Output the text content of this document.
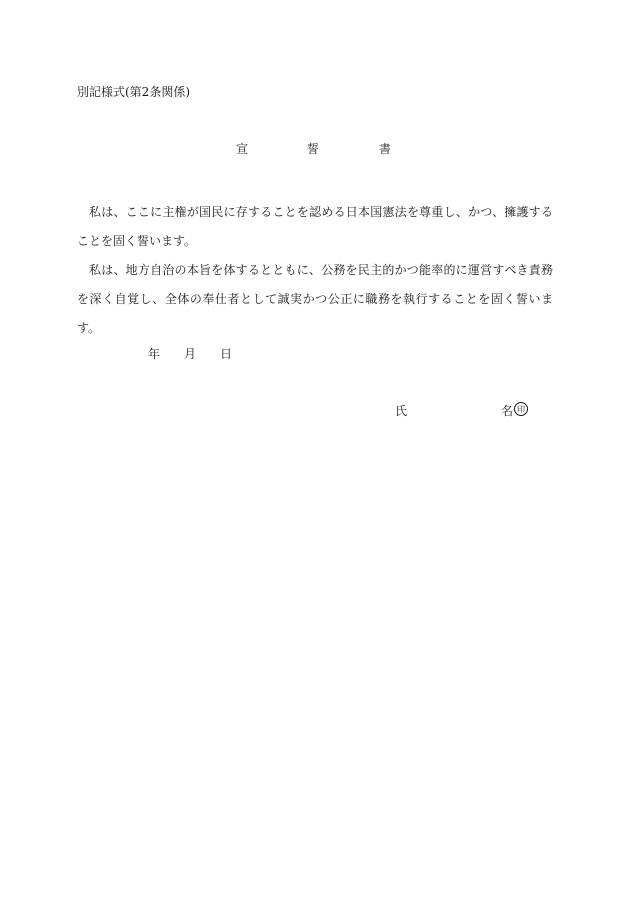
別記様式(第2条関係)
宣	誓	書

私は、ここに主権が国民に存することを認める日本国憲法を尊重し、かつ、擁護することを固く誓います。

私は、地方自治の本旨を体するとともに、公務を民主的かつ能率的に運営すべき責務を深く自覚し、全体の奉仕者として誠実かつ公正に職務を執行することを固く誓います。

年 月 日
氏	名 印
